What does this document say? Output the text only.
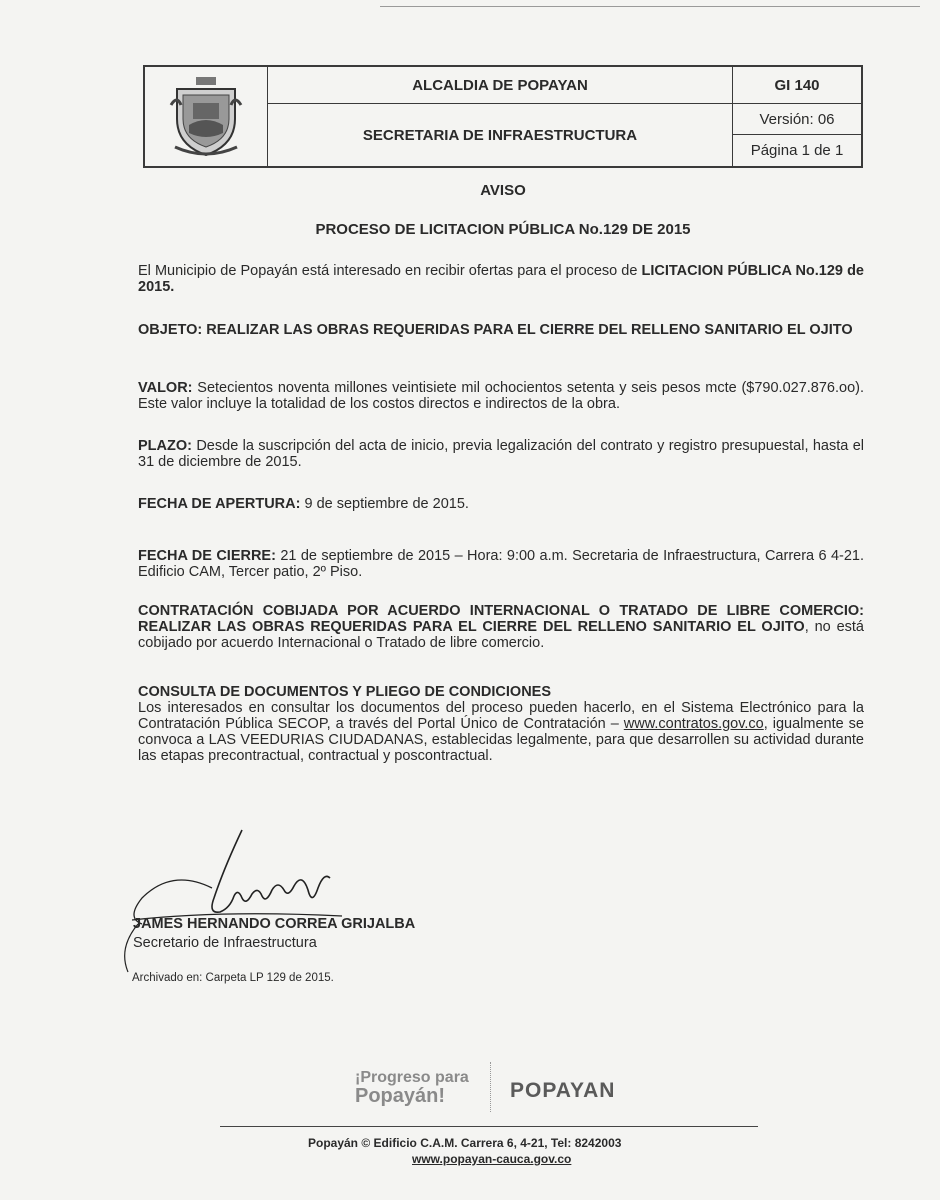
ALCALDIA DE POPAYAN
SECRETARIA DE INFRAESTRUCTURA
GI 140
Versión: 06
Página 1 de 1
AVISO
PROCESO DE LICITACION PÚBLICA No.129 DE 2015
El Municipio de Popayán está interesado en recibir ofertas para el proceso de LICITACION PÚBLICA No.129 de 2015.
OBJETO: REALIZAR LAS OBRAS REQUERIDAS PARA EL CIERRE DEL RELLENO SANITARIO EL OJITO
VALOR: Setecientos noventa millones veintisiete mil ochocientos setenta y seis pesos mcte ($790.027.876.oo). Este valor incluye la totalidad de los costos directos e indirectos de la obra.
PLAZO: Desde la suscripción del acta de inicio, previa legalización del contrato y registro presupuestal, hasta el 31 de diciembre de 2015.
FECHA DE APERTURA: 9 de septiembre de 2015.
FECHA DE CIERRE: 21 de septiembre de 2015 – Hora: 9:00 a.m. Secretaria de Infraestructura, Carrera 6 4-21. Edificio CAM, Tercer patio, 2º Piso.
CONTRATACIÓN COBIJADA POR ACUERDO INTERNACIONAL O TRATADO DE LIBRE COMERCIO: REALIZAR LAS OBRAS REQUERIDAS PARA EL CIERRE DEL RELLENO SANITARIO EL OJITO, no está cobijado por acuerdo Internacional o Tratado de libre comercio.
CONSULTA DE DOCUMENTOS Y PLIEGO DE CONDICIONES
Los interesados en consultar los documentos del proceso pueden hacerlo, en el Sistema Electrónico para la Contratación Pública SECOP, a través del Portal Único de Contratación – www.contratos.gov.co, igualmente se convoca a LAS VEEDURIAS CIUDADANAS, establecidas legalmente, para que desarrollen su actividad durante las etapas precontractual, contractual y poscontractual.
JAMES HERNANDO CORREA GRIJALBA
Secretario de Infraestructura
Archivado en: Carpeta LP 129 de 2015.
¡Progreso para
Popayán!	POPAYAN
Popayán © Edificio C.A.M. Carrera 6, 4-21, Tel: 8242003
www.popayan-cauca.gov.co
